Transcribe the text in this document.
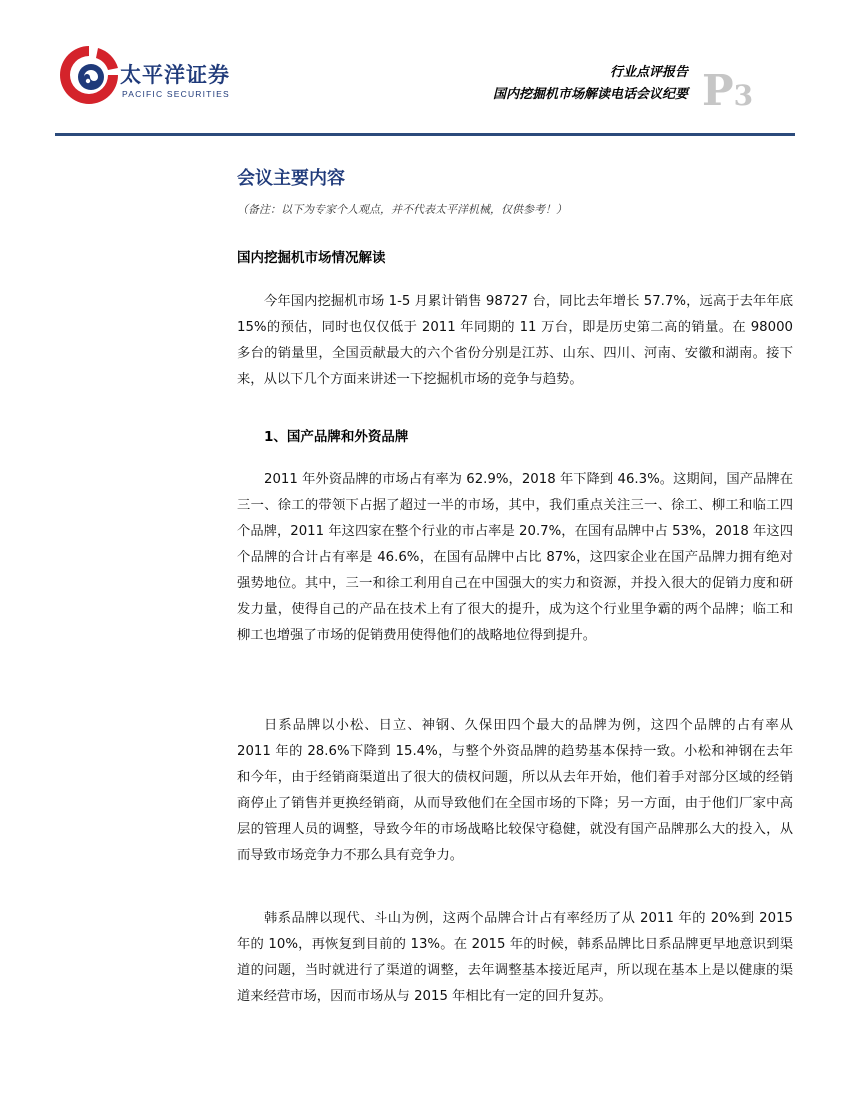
太平洋证券
PACIFIC SECURITIES
行业点评报告
国内挖掘机市场解读电话会议纪要 P3
会议主要内容
（备注：以下为专家个人观点，并不代表太平洋机械，仅供参考！）
国内挖掘机市场情况解读

今年国内挖掘机市场 1-5 月累计销售 98727 台，同比去年增长 57.7%，远高于去年年底 15%的预估，同时也仅仅低于 2011 年同期的 11 万台，即是历史第二高的销量。在 98000 多台的销量里，全国贡献最大的六个省份分别是江苏、山东、四川、河南、安徽和湖南。接下来，从以下几个方面来讲述一下挖掘机市场的竞争与趋势。

1、国产品牌和外资品牌

2011 年外资品牌的市场占有率为 62.9%，2018 年下降到 46.3%。这期间，国产品牌在三一、徐工的带领下占据了超过一半的市场，其中，我们重点关注三一、徐工、柳工和临工四个品牌，2011 年这四家在整个行业的市占率是 20.7%，在国有品牌中占 53%，2018 年这四个品牌的合计占有率是 46.6%，在国有品牌中占比 87%，这四家企业在国产品牌力拥有绝对强势地位。其中，三一和徐工利用自己在中国强大的实力和资源，并投入很大的促销力度和研发力量，使得自己的产品在技术上有了很大的提升，成为这个行业里争霸的两个品牌；临工和柳工也增强了市场的促销费用使得他们的战略地位得到提升。

日系品牌以小松、日立、神钢、久保田四个最大的品牌为例，这四个品牌的占有率从 2011 年的 28.6%下降到 15.4%，与整个外资品牌的趋势基本保持一致。小松和神钢在去年和今年，由于经销商渠道出了很大的债权问题，所以从去年开始，他们着手对部分区域的经销商停止了销售并更换经销商，从而导致他们在全国市场的下降；另一方面，由于他们厂家中高层的管理人员的调整，导致今年的市场战略比较保守稳健，就没有国产品牌那么大的投入，从而导致市场竞争力不那么具有竞争力。

韩系品牌以现代、斗山为例，这两个品牌合计占有率经历了从 2011 年的 20%到 2015 年的 10%，再恢复到目前的 13%。在 2015 年的时候，韩系品牌比日系品牌更早地意识到渠道的问题，当时就进行了渠道的调整，去年调整基本接近尾声，所以现在基本上是以健康的渠道来经营市场，因而市场从与 2015 年相比有一定的回升复苏。
